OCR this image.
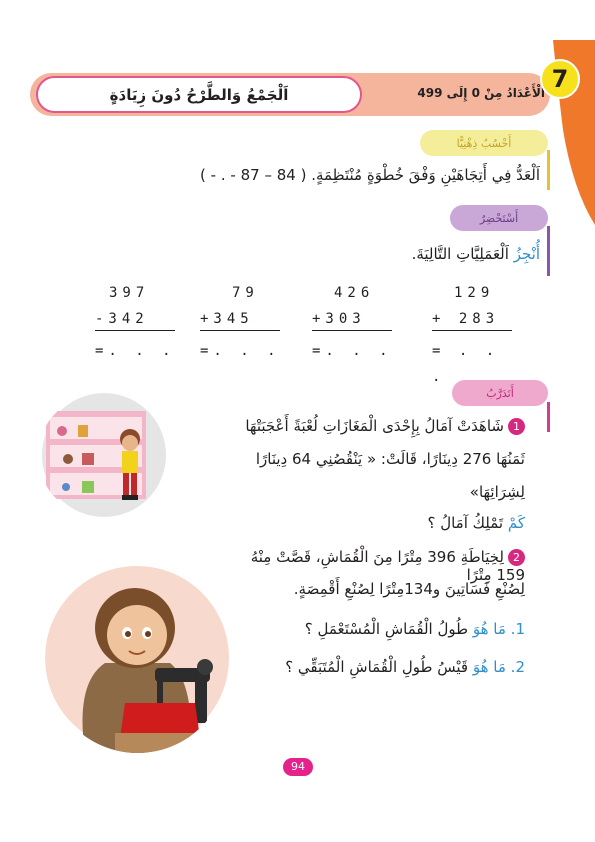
الْأَعْدَادُ مِنْ 0 إِلَى 499
اَلْجَمْعُ وَالطَّرْحُ دُونَ زِيَادَةٍ
7
أَحْسُبُ ذِهْنِيًّا
اَلْعَدُّ فِي أَتِجَاهَيْنِ وَفْقَ خُطْوَةٍ مُنْتَظِمَةٍ. ( 84 – 87 - . - )
أَسْتَحْضِرُ
أُنْجِزُ اَلْعَمَلِيَّاتِ التَّالِيَةَ.
129
+ 283
= . . .
426
+303
=. . .
79
+345
=. . .
397
-342
=. . .
أَتَدَرَّبُ
1شَاهَدَتْ آمَالُ بِإِحْدَى الْمَغَازَاتِ لُعْبَةً أَعْجَبَتْهَا
ثَمَنُهَا 276 دِينَارًا، قَالَتْ: « يَنْقُصُنِي 64 دِينَارًا
لِشِرَائِهَا»
كَمْ تَمْلِكُ آمَالُ ؟
2لِخِيَاطَةِ 396 مِتْرًا مِنَ الْقُمَاشِ، قَصَّتْ مِنْهُ 159 مِتْرًا
لِصُنْعِ فَسَاتِينَ و134مِتْرًا لِصُنْعِ أَقْمِصَةٍ.
1. مَا هُوَ طُولُ الْقُمَاشِ الْمُسْتَعْمَلِ ؟
2. مَا هُوَ قَيْسُ طُولِ الْقُمَاشِ الْمُتَبَقِّي ؟
94
